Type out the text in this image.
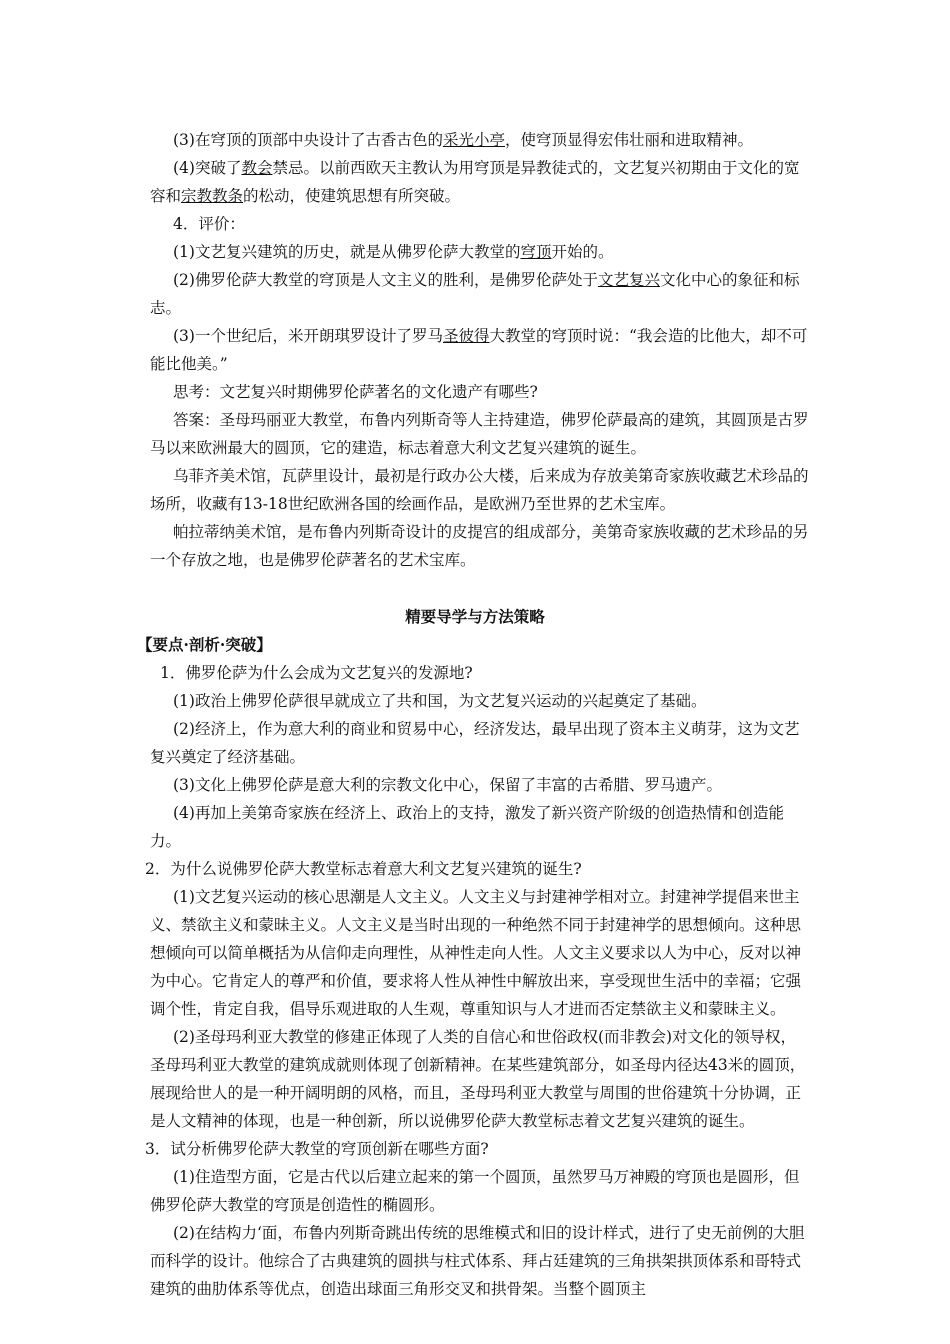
(3)在穹顶的顶部中央设计了古香古色的采光小亭，使穹顶显得宏伟壮丽和进取精神。

(4)突破了教会禁忌。以前西欧天主教认为用穹顶是异教徒式的，文艺复兴初期由于文化的宽容和宗教教条的松动，使建筑思想有所突破。

4．评价：

(1)文艺复兴建筑的历史，就是从佛罗伦萨大教堂的穹顶开始的。

(2)佛罗伦萨大教堂的穹顶是人文主义的胜利，是佛罗伦萨处于文艺复兴文化中心的象征和标志。

(3)一个世纪后，米开朗琪罗设计了罗马圣彼得大教堂的穹顶时说：“我会造的比他大，却不可能比他美。”

思考：文艺复兴时期佛罗伦萨著名的文化遗产有哪些?

答案：圣母玛丽亚大教堂，布鲁内列斯奇等人主持建造，佛罗伦萨最高的建筑，其圆顶是古罗马以来欧洲最大的圆顶，它的建造，标志着意大利文艺复兴建筑的诞生。

乌菲齐美术馆，瓦萨里设计，最初是行政办公大楼，后来成为存放美第奇家族收藏艺术珍品的场所，收藏有13-18世纪欧洲各国的绘画作品，是欧洲乃至世界的艺术宝库。

帕拉蒂纳美术馆，是布鲁内列斯奇设计的皮提宫的组成部分，美第奇家族收藏的艺术珍品的另一个存放之地，也是佛罗伦萨著名的艺术宝库。

精要导学与方法策略

【要点·剖析·突破】

1．佛罗伦萨为什么会成为文艺复兴的发源地?

(1)政治上佛罗伦萨很早就成立了共和国，为文艺复兴运动的兴起奠定了基础。

(2)经济上，作为意大利的商业和贸易中心，经济发达，最早出现了资本主义萌芽，这为文艺复兴奠定了经济基础。

(3)文化上佛罗伦萨是意大利的宗教文化中心，保留了丰富的古希腊、罗马遗产。

(4)再加上美第奇家族在经济上、政治上的支持，激发了新兴资产阶级的创造热情和创造能力。

2．为什么说佛罗伦萨大教堂标志着意大利文艺复兴建筑的诞生?

(1)文艺复兴运动的核心思潮是人文主义。人文主义与封建神学相对立。封建神学提倡来世主义、禁欲主义和蒙昧主义。人文主义是当时出现的一种绝然不同于封建神学的思想倾向。这种思想倾向可以简单概括为从信仰走向理性，从神性走向人性。人文主义要求以人为中心，反对以神为中心。它肯定人的尊严和价值，要求将人性从神性中解放出来，享受现世生活中的幸福；它强调个性，肯定自我，倡导乐观进取的人生观，尊重知识与人才进而否定禁欲主义和蒙昧主义。

(2)圣母玛利亚大教堂的修建正体现了人类的自信心和世俗政权(而非教会)对文化的领导权，圣母玛利亚大教堂的建筑成就则体现了创新精神。在某些建筑部分，如圣母内径达43米的圆顶，展现给世人的是一种开阔明朗的风格，而且，圣母玛利亚大教堂与周围的世俗建筑十分协调，正是人文精神的体现，也是一种创新，所以说佛罗伦萨大教堂标志着文艺复兴建筑的诞生。

3．试分析佛罗伦萨大教堂的穹顶创新在哪些方面?

(1)住造型方面，它是古代以后建立起来的第一个圆顶，虽然罗马万神殿的穹顶也是圆形，但佛罗伦萨大教堂的穹顶是创造性的椭圆形。

(2)在结构力‘面，布鲁内列斯奇跳出传统的思维模式和旧的设计样式，进行了史无前例的大胆而科学的设计。他综合了古典建筑的圆拱与柱式体系、拜占廷建筑的三角拱架拱顶体系和哥特式建筑的曲肋体系等优点，创造出球面三角形交叉和拱骨架。当整个圆顶主
